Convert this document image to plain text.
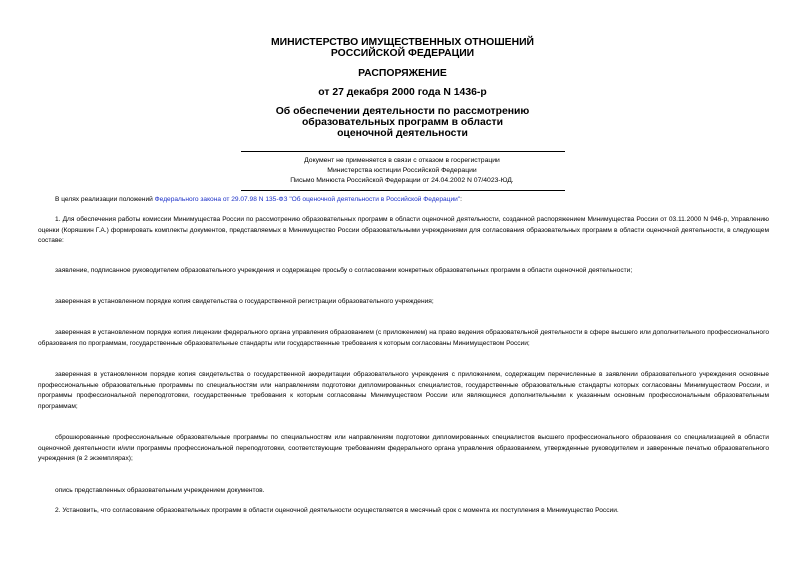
МИНИСТЕРСТВО ИМУЩЕСТВЕННЫХ ОТНОШЕНИЙ
РОССИЙСКОЙ ФЕДЕРАЦИИ
РАСПОРЯЖЕНИЕ
от 27 декабря 2000 года N 1436-р
Об обеспечении деятельности по рассмотрению
образовательных программ в области
оценочной деятельности
Документ не применяется в связи с отказом в госрегистрации
Министерства юстиции Российской Федерации
Письмо Минюста Российской Федерации от 24.04.2002 N 07/4023-ЮД.

В целях реализации положений Федерального закона от 29.07.98 N 135-ФЗ "Об оценочной деятельности в Российской Федерации":

1. Для обеспечения работы комиссии Минимущества России по рассмотрению образовательных программ в области оценочной деятельности, созданной распоряжением Минимущества России от 03.11.2000 N 946-р, Управлению оценки (Коряшкин Г.А.) формировать комплекты документов, представляемых в Минимущество России образовательными учреждениями для согласования образовательных программ в области оценочной деятельности, в следующем составе:

заявление, подписанное руководителем образовательного учреждения и содержащее просьбу о согласовании конкретных образовательных программ в области оценочной деятельности;

заверенная в установленном порядке копия свидетельства о государственной регистрации образовательного учреждения;

заверенная в установленном порядке копия лицензии федерального органа управления образованием (с приложением) на право ведения образовательной деятельности в сфере высшего или дополнительного профессионального образования по программам, государственные образовательные стандарты или государственные требования к которым согласованы Минимуществом России;

заверенная в установленном порядке копия свидетельства о государственной аккредитации образовательного учреждения с приложением, содержащим перечисленные в заявлении образовательного учреждения основные профессиональные образовательные программы по специальностям или направлениям подготовки дипломированных специалистов, государственные образовательные стандарты которых согласованы Минимуществом России, и программы профессиональной переподготовки, государственные требования к которым согласованы Минимуществом России или являющиеся дополнительными к указанным основным профессиональным образовательным программам;

сброшюрованные профессиональные образовательные программы по специальностям или направлениям подготовки дипломированных специалистов высшего профессионального образования со специализацией в области оценочной деятельности и/или программы профессиональной переподготовки, соответствующие требованиям федерального органа управления образованием, утвержденные руководителем и заверенные печатью образовательного учреждения (в 2 экземплярах);

опись представленных образовательным учреждением документов.

2. Установить, что согласование образовательных программ в области оценочной деятельности осуществляется в месячный срок с момента их поступления в Минимущество России.
